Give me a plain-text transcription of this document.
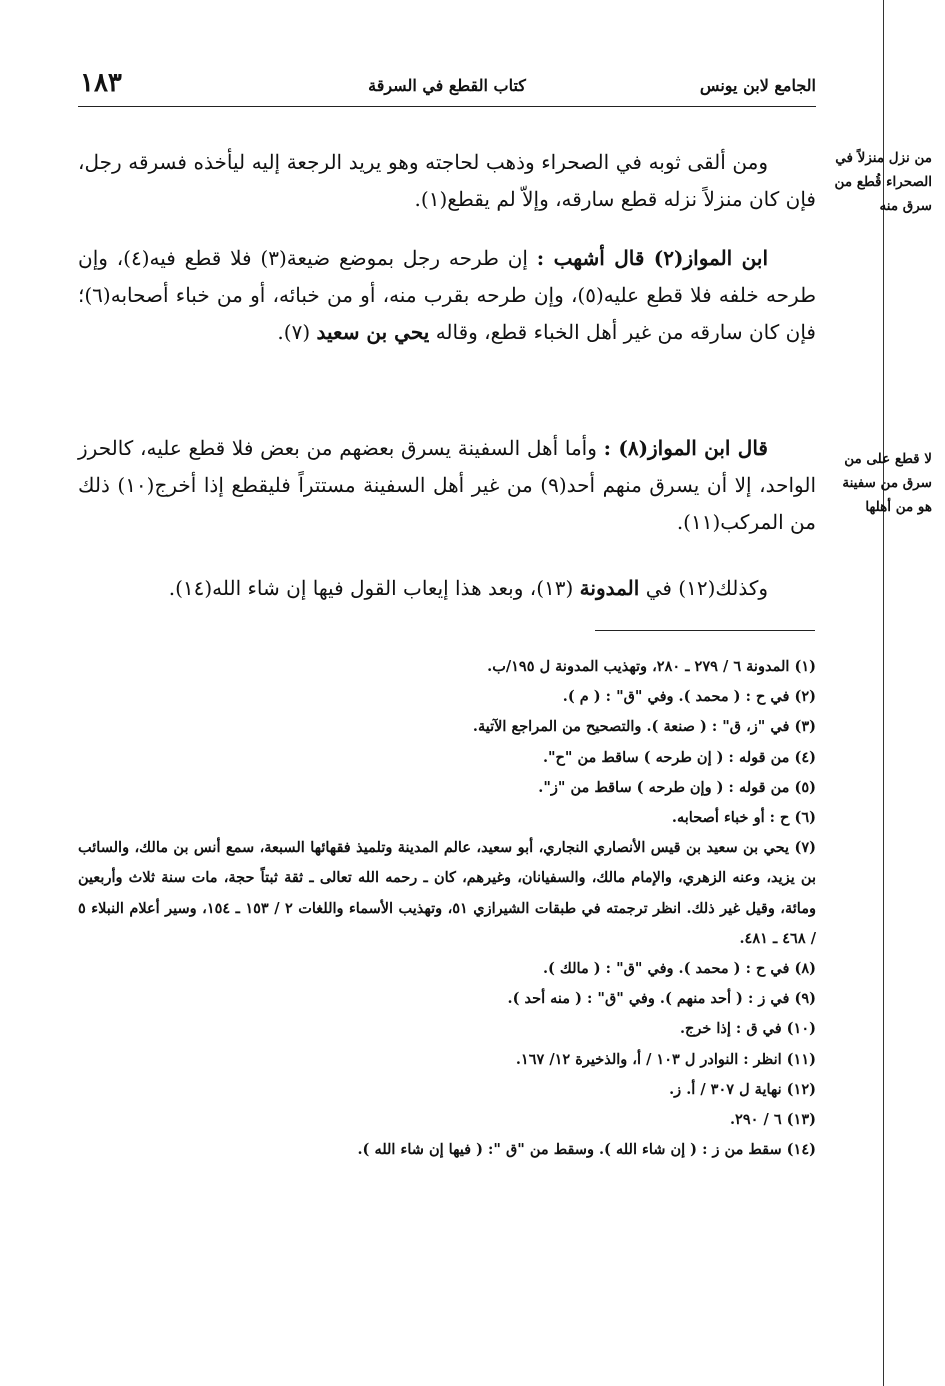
الجامع لابن يونس
كتاب القطع في السرقة
١٨٣
من نزل منزلاً في الصحراء قُطع من سرق منه
لا قطع على من سرق من سفينة هو من أهلها
ومن ألقى ثوبه في الصحراء وذهب لحاجته وهو يريد الرجعة إليه ليأخذه فسرقه رجل، فإن كان منزلاً نزله قطع سارقه، وإلاّ لم يقطع(١).
ابن المواز(٢) قال أشهب : إن طرحه رجل بموضع ضيعة(٣) فلا قطع فيه(٤)، وإن طرحه خلفه فلا قطع عليه(٥)، وإن طرحه بقرب منه، أو من خبائه، أو من خباء أصحابه(٦)؛ فإن كان سارقه من غير أهل الخباء قطع، وقاله يحي بن سعيد (٧).
قال ابن المواز(٨) : وأما أهل السفينة يسرق بعضهم من بعض فلا قطع عليه، كالحرز الواحد، إلا أن يسرق منهم أحد(٩) من غير أهل السفينة مستتراً فليقطع إذا أخرج(١٠) ذلك من المركب(١١).
وكذلك(١٢) في المدونة (١٣)، وبعد هذا إيعاب القول فيها إن شاء الله(١٤).

(١) المدونة ٦ / ٢٧٩ ـ ٢٨٠، وتهذيب المدونة ل ١٩٥/ب.

(٢) في ح : ( محمد ). وفي "ق" : ( م ).

(٣) في "ز، ق" : ( صنعة ). والتصحيح من المراجع الآتية.

(٤) من قوله : ( إن طرحه ) ساقط من "ح".

(٥) من قوله : ( وإن طرحه ) ساقط من "ز".

(٦) ح : أو خباء أصحابه.

(٧) يحي بن سعيد بن قيس الأنصاري النجاري، أبو سعيد، عالم المدينة وتلميذ فقهائها السبعة، سمع أنس بن مالك، والسائب بن يزيد، وعنه الزهري، والإمام مالك، والسفيانان، وغيرهم، كان ـ رحمه الله تعالى ـ ثقة ثبتاً حجة، مات سنة ثلاث وأربعين ومائة، وقيل غير ذلك. انظر ترجمته في طبقات الشيرازي ٥١، وتهذيب الأسماء واللغات ٢ / ١٥٣ ـ ١٥٤، وسير أعلام النبلاء ٥ / ٤٦٨ ـ ٤٨١.

(٨) في ح : ( محمد ). وفي "ق" : ( مالك ).

(٩) في ز : ( أحد منهم ). وفي "ق" : ( منه أحد ).

(١٠) في ق : إذا خرج.

(١١) انظر : النوادر ل ١٠٣ / أ، والذخيرة ١٢/ ١٦٧.

(١٢) نهاية ل ٣٠٧ / أ. ز.

(١٣) ٦ / ٢٩٠.

(١٤) سقط من ز : ( إن شاء الله ). وسقط من "ق ": ( فيها إن شاء الله ).
